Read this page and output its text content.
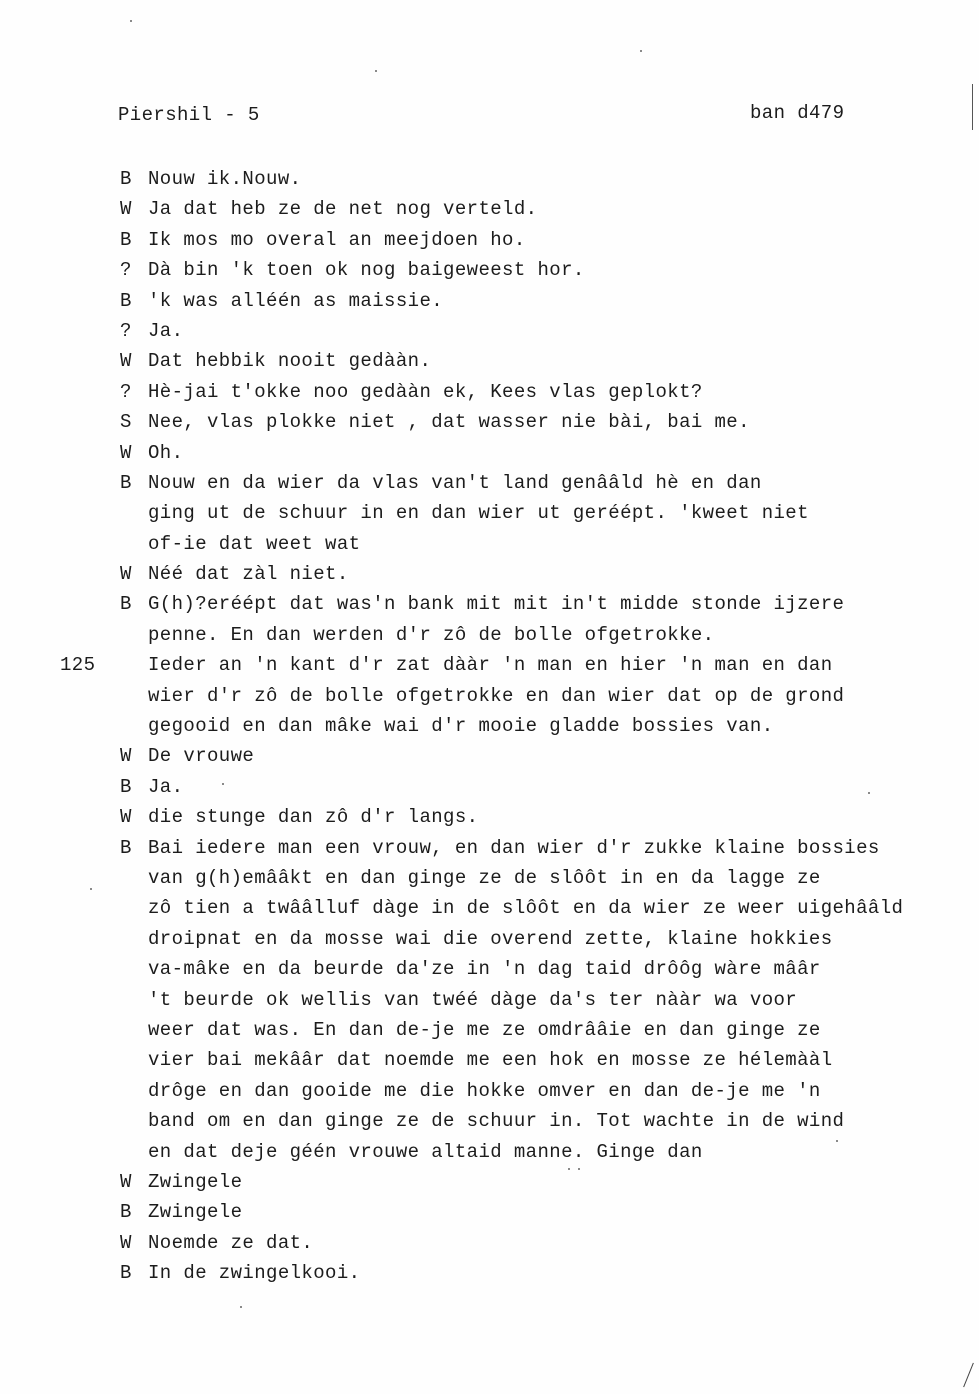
Piershil - 5	ban d479
B Nouw ik.Nouw.
W Ja dat heb ze de net nog verteld.
B Ik mos mo overal an meejdoen ho.
? Dà bin 'k toen ok nog baigeweest hor.
B 'k was alléén as maissie.
? Ja.
W Dat hebbik nooit gedààn.
? Hè-jai t'okke noo gedààn ek, Kees vlas geplokt?
S Nee, vlas plokke niet , dat wasser nie bài, bai me.
W Oh.
B Nouw en da wier da vlas van't land genââld hè en dan
ging ut de schuur in en dan wier ut geréépt. 'kweet niet
of-ie dat weet wat
W Néé dat zàl niet.
B G(h)?eréépt dat was'n bank mit mit in't midde stonde ijzere
penne. En dan werden d'r zô de bolle ofgetrokke.
125	Ieder an 'n kant d'r zat dààr 'n man en hier 'n man en dan
wier d'r zô de bolle ofgetrokke en dan wier dat op de grond
gegooid en dan mâke wai d'r mooie gladde bossies van.
W De vrouwe
B Ja.
W die stunge dan zô d'r langs.
B Bai iedere man een vrouw, en dan wier d'r zukke klaine bossies
van g(h)emââkt en dan ginge ze de slôôt in en da lagge ze
zô tien a twââlluf dàge in de slôôt en da wier ze weer uigehââld
droipnat en da mosse wai die overend zette, klaine hokkies
va-mâke en da beurde da'ze in 'n dag taid drôôg wàre mââr
't beurde ok wellis van twéé dàge da's ter nààr wa voor
weer dat was. En dan de-je me ze omdrââie en dan ginge ze
vier bai mekââr dat noemde me een hok en mosse ze hélemààl
drôge en dan gooide me die hokke omver en dan de-je me 'n
band om en dan ginge ze de schuur in. Tot wachte in de wind
en dat deje géén vrouwe altaid manne. Ginge dan
W Zwingele
B Zwingele
W Noemde ze dat.
B In de zwingelkooi.
